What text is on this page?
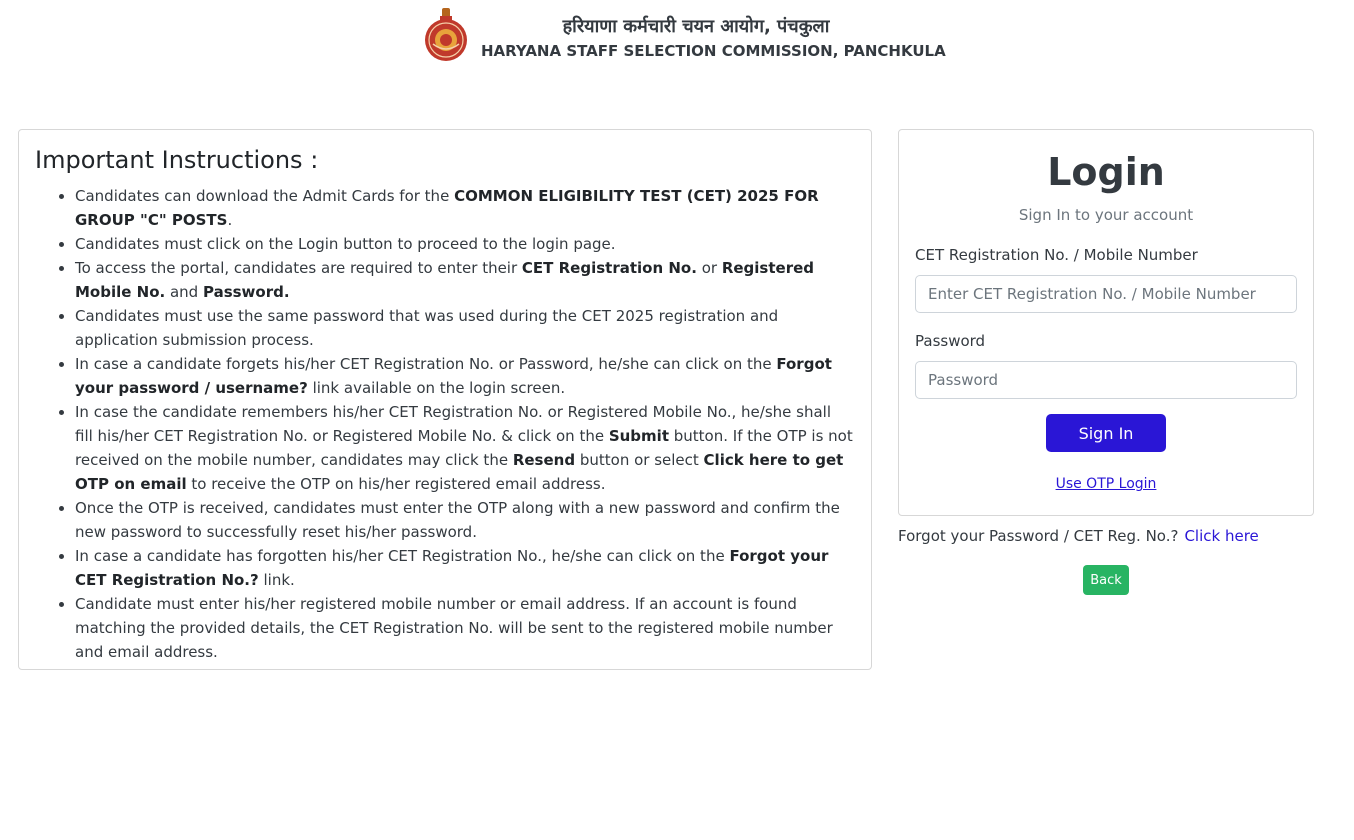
हरियाणा कर्मचारी चयन आयोग, पंचकुला
HARYANA STAFF SELECTION COMMISSION, PANCHKULA
Important Instructions :
• Candidates can download the Admit Cards for the COMMON ELIGIBILITY TEST (CET) 2025 FOR GROUP "C" POSTS.
• Candidates must click on the Login button to proceed to the login page.
• To access the portal, candidates are required to enter their CET Registration No. or Registered Mobile No. and Password.
• Candidates must use the same password that was used during the CET 2025 registration and application submission process.
• In case a candidate forgets his/her CET Registration No. or Password, he/she can click on the Forgot your password / username? link available on the login screen.
• In case the candidate remembers his/her CET Registration No. or Registered Mobile No., he/she shall fill his/her CET Registration No. or Registered Mobile No. & click on the Submit button. If the OTP is not received on the mobile number, candidates may click the Resend button or select Click here to get OTP on email to receive the OTP on his/her registered email address.
• Once the OTP is received, candidates must enter the OTP along with a new password and confirm the new password to successfully reset his/her password.
• In case a candidate has forgotten his/her CET Registration No., he/she can click on the Forgot your CET Registration No.? link.
• Candidate must enter his/her registered mobile number or email address. If an account is found matching the provided details, the CET Registration No. will be sent to the registered mobile number and email address.
Login
Sign In to your account
CET Registration No. / Mobile Number
Enter CET Registration No. / Mobile Number
Password
Sign In
Use OTP Login
Forgot your Password / CET Reg. No.? Click here
Back
